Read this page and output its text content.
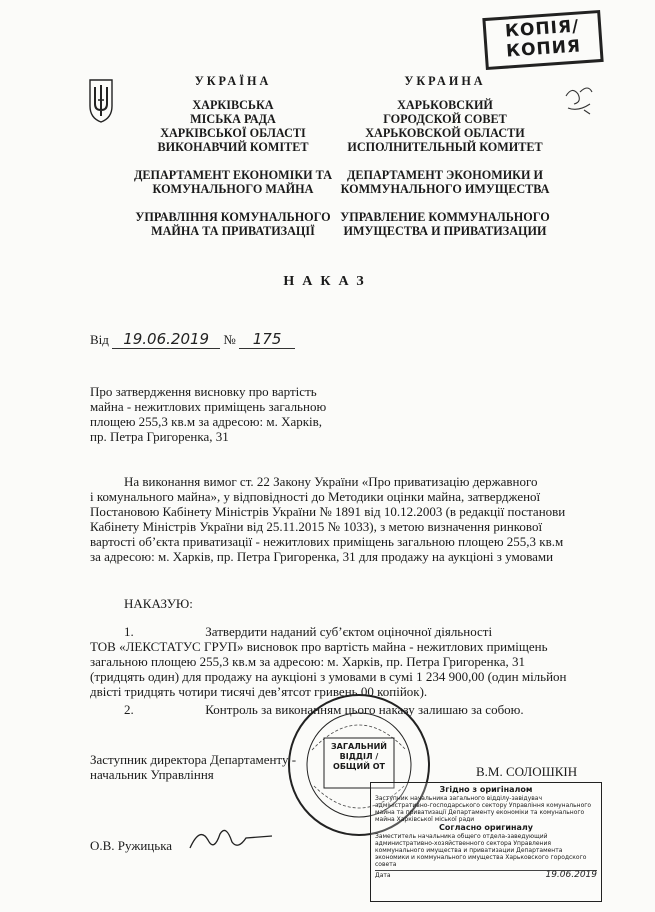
КОПІЯ/
КОПИЯ
УКРАЇНА
ХАРКІВСЬКА
МІСЬКА РАДА
ХАРКІВСЬКОЇ ОБЛАСТІ
ВИКОНАВЧИЙ КОМІТЕТ
ДЕПАРТАМЕНТ ЕКОНОМІКИ ТА
КОМУНАЛЬНОГО МАЙНА
УПРАВЛІННЯ КОМУНАЛЬНОГО
МАЙНА ТА ПРИВАТИЗАЦІЇ
УКРАИНА
ХАРЬКОВСКИЙ
ГОРОДСКОЙ СОВЕТ
ХАРЬКОВСКОЙ ОБЛАСТИ
ИСПОЛНИТЕЛЬНЫЙ КОМИТЕТ
ДЕПАРТАМЕНТ ЭКОНОМИКИ И
КОММУНАЛЬНОГО ИМУЩЕСТВА
УПРАВЛЕНИЕ КОММУНАЛЬНОГО
ИМУЩЕСТВА И ПРИВАТИЗАЦИИ
НАКАЗ
Від 19.06.2019 № 175
Про затвердження висновку про вартість
майна - нежитлових приміщень загальною
площею 255,3 кв.м за адресою: м. Харків,
пр. Петра Григоренка, 31
На виконання вимог ст. 22 Закону України «Про приватизацію державного
і комунального майна», у відповідності до Методики оцінки майна, затвердженої
Постановою Кабінету Міністрів України № 1891 від 10.12.2003 (в редакції постанови
Кабінету Міністрів України від 25.11.2015 № 1033), з метою визначення ринкової
вартості об’єкта приватизації - нежитлових приміщень загальною площею 255,3 кв.м
за адресою: м. Харків, пр. Петра Григоренка, 31 для продажу на аукціоні з умовами
НАКАЗУЮ:
1.	Затвердити наданий суб’єктом оціночної діяльності
ТОВ «ЛЕКСТАТУС ГРУП» висновок про вартість майна - нежитлових приміщень
загальною площею 255,3 кв.м за адресою: м. Харків, пр. Петра Григоренка, 31
(тридцять один) для продажу на аукціоні з умовами в сумі 1 234 900,00 (один мільйон
двісті тридцять чотири тисячі дев’ятсот гривень 00 копійок).
2.	Контроль за виконанням цього наказу залишаю за собою.
ЗАГАЛЬНИЙ
ВІДДІЛ /
ОБЩИЙ ОТ
Заступник директора Департаменту -
начальник Управління	В.М. СОЛОШКІН
О.В. Ружицька
Згідно з оригіналом
Заступник начальника загального відділу-завідувач адміністративно-господарського сектору Управління комунального майна та приватизації Департаменту економіки та комунального майна Харківської міської ради
Согласно оригиналу
Заместитель начальника общего отдела-заведующий административно-хозяйственного сектора Управления коммунального имущества и приватизации Департамента экономики и коммунального имущества Харьковского городского совета
Дата	19.06.2019
